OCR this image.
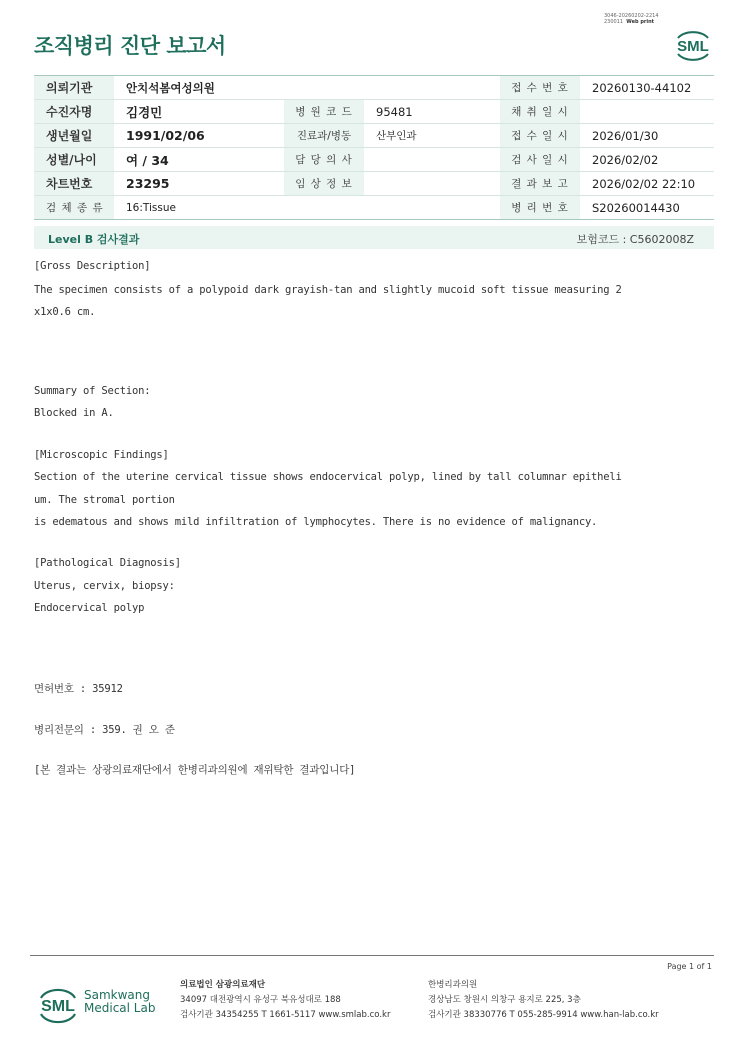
3046-20260202-2214
230011 Web print
조직병리 진단 보고서	SML
의뢰기관	안치석봄여성의원			접 수 번 호	20260130-44102
수진자명	김경민	병 원 코 드	95481	채 취 일 시	
생년월일	1991/02/06	진료과/병동	산부인과	접 수 일 시	2026/01/30
성별/나이	여 / 34	담 당 의 사		검 사 일 시	2026/02/02
차트번호	23295	임 상 정 보		결 과 보 고	2026/02/02 22:10
검 체 종 류	16:Tissue			병 리 번 호	S20260014430
Level B 검사결과	보험코드 : C5602008Z
[Gross Description]
The specimen consists of a polypoid dark grayish-tan and slightly mucoid soft tissue measuring 2
x1x0.6 cm.
Summary of Section:
Blocked in A.
[Microscopic Findings]
Section of the uterine cervical tissue shows endocervical polyp, lined by tall columnar epitheli
um. The stromal portion
is edematous and shows mild infiltration of lymphocytes. There is no evidence of malignancy.
[Pathological Diagnosis]
Uterus, cervix, biopsy:
Endocervical polyp
면허번호 : 35912
병리전문의 : 359. 권 오 준
[본 결과는 상광의료재단에서 한병리과의원에 재위탁한 결과입니다]
Page 1 of 1
SML
Samkwang
Medical Lab
의료법인 삼광의료재단
34097 대전광역시 유성구 북유성대로 188
검사기관 34354255 T 1661-5117 www.smlab.co.kr
한병리과의원
경상남도 창원시 의창구 용지로 225, 3층
검사기관 38330776 T 055-285-9914 www.han-lab.co.kr
